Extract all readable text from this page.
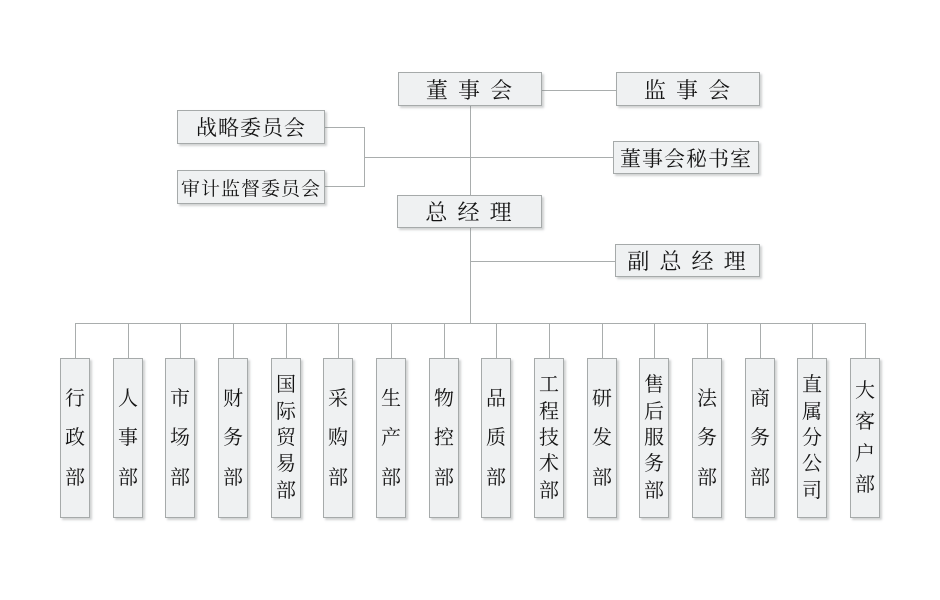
董 事 会	监 事 会
战略委员会
审计监督委员会
董事会秘书室
总 经 理
副 总 经 理
行
政
部
人
事
部
市
场
部
财
务
部
国
际
贸
易
部
采
购
部
生
产
部
物
控
部
品
质
部
工
程
技
术
部
研
发
部
售
后
服
务
部
法
务
部
商
务
部
直
属
分
公
司
大
客
户
部
